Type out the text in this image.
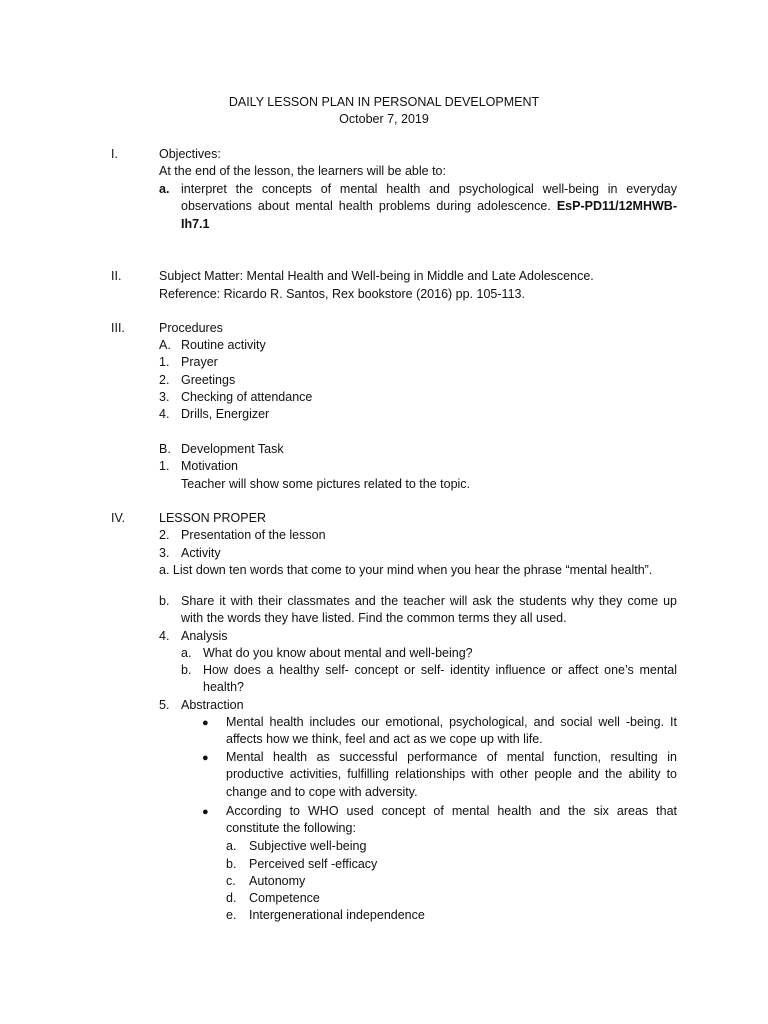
DAILY LESSON PLAN IN PERSONAL DEVELOPMENT
October 7, 2019
I.	Objectives:
At the end of the lesson, the learners will be able to:
a. interpret the concepts of mental health and psychological well-being in everyday observations about mental health problems during adolescence. EsP-PD11/12MHWB-Ih7.1
II.	Subject Matter: Mental Health and Well-being in Middle and Late Adolescence.
Reference: Ricardo R. Santos, Rex bookstore (2016) pp. 105-113.
III.	Procedures
A. Routine activity
1. Prayer
2. Greetings
3. Checking of attendance
4. Drills, Energizer
B. Development Task
1. Motivation
Teacher will show some pictures related to the topic.
IV.	LESSON PROPER
2. Presentation of the lesson
3. Activity
a. List down ten words that come to your mind when you hear the phrase “mental health”.
b. Share it with their classmates and the teacher will ask the students why they come up with the words they have listed. Find the common terms they all used.
4. Analysis
a. What do you know about mental and well-being?
b. How does a healthy self- concept or self- identity influence or affect one’s mental health?
5. Abstraction
● Mental health includes our emotional, psychological, and social well -being. It affects how we think, feel and act as we cope up with life.
● Mental health as successful performance of mental function, resulting in productive activities, fulfilling relationships with other people and the ability to change and to cope with adversity.
● According to WHO used concept of mental health and the six areas that constitute the following:
a. Subjective well-being
b. Perceived self -efficacy
c. Autonomy
d. Competence
e. Intergenerational independence
